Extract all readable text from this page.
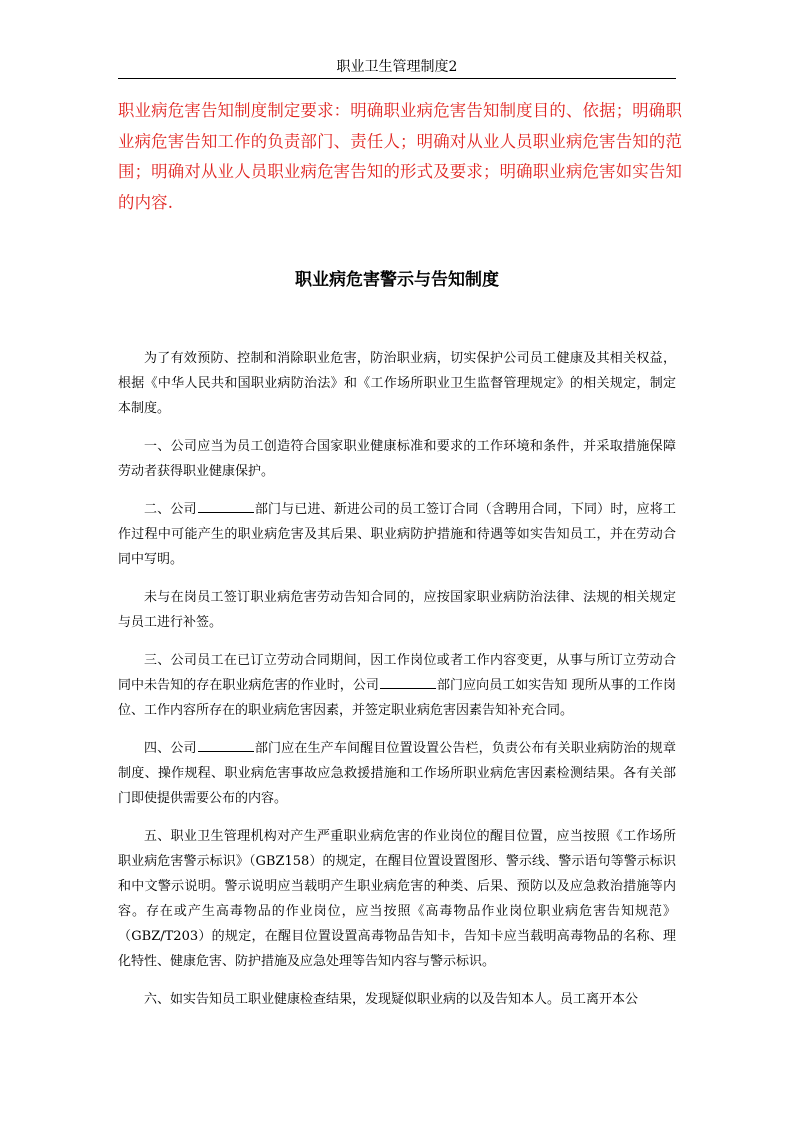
职业卫生管理制度2
职业病危害告知制度制定要求：明确职业病危害告知制度目的、依据；明确职业病危害告知工作的负责部门、责任人；明确对从业人员职业病危害告知的范围；明确对从业人员职业病危害告知的形式及要求；明确职业病危害如实告知的内容.
职业病危害警示与告知制度

为了有效预防、控制和消除职业危害，防治职业病，切实保护公司员工健康及其相关权益，根据《中华人民共和国职业病防治法》和《工作场所职业卫生监督管理规定》的相关规定，制定本制度。

一、公司应当为员工创造符合国家职业健康标准和要求的工作环境和条件，并采取措施保障劳动者获得职业健康保护。

二、公司	部门与已进、新进公司的员工签订合同（含聘用合同，下同）时，应将工作过程中可能产生的职业病危害及其后果、职业病防护措施和待遇等如实告知员工，并在劳动合同中写明。

未与在岗员工签订职业病危害劳动告知合同的，应按国家职业病防治法律、法规的相关规定与员工进行补签。

三、公司员工在已订立劳动合同期间，因工作岗位或者工作内容变更，从事与所订立劳动合同中未告知的存在职业病危害的作业时，公司	部门应向员工如实告知 现所从事的工作岗位、工作内容所存在的职业病危害因素，并签定职业病危害因素告知补充合同。

四、公司	部门应在生产车间醒目位置设置公告栏，负责公布有关职业病防治的规章制度、操作规程、职业病危害事故应急救援措施和工作场所职业病危害因素检测结果。各有关部门即使提供需要公布的内容。

五、职业卫生管理机构对产生严重职业病危害的作业岗位的醒目位置，应当按照《工作场所职业病危害警示标识》（GBZ158）的规定，在醒目位置设置图形、警示线、警示语句等警示标识和中文警示说明。警示说明应当载明产生职业病危害的种类、后果、预防以及应急救治措施等内容。存在或产生高毒物品的作业岗位，应当按照《高毒物品作业岗位职业病危害告知规范》（GBZ/T203）的规定，在醒目位置设置高毒物品告知卡，告知卡应当载明高毒物品的名称、理化特性、健康危害、防护措施及应急处理等告知内容与警示标识。

六、如实告知员工职业健康检查结果，发现疑似职业病的以及告知本人。员工离开本公
